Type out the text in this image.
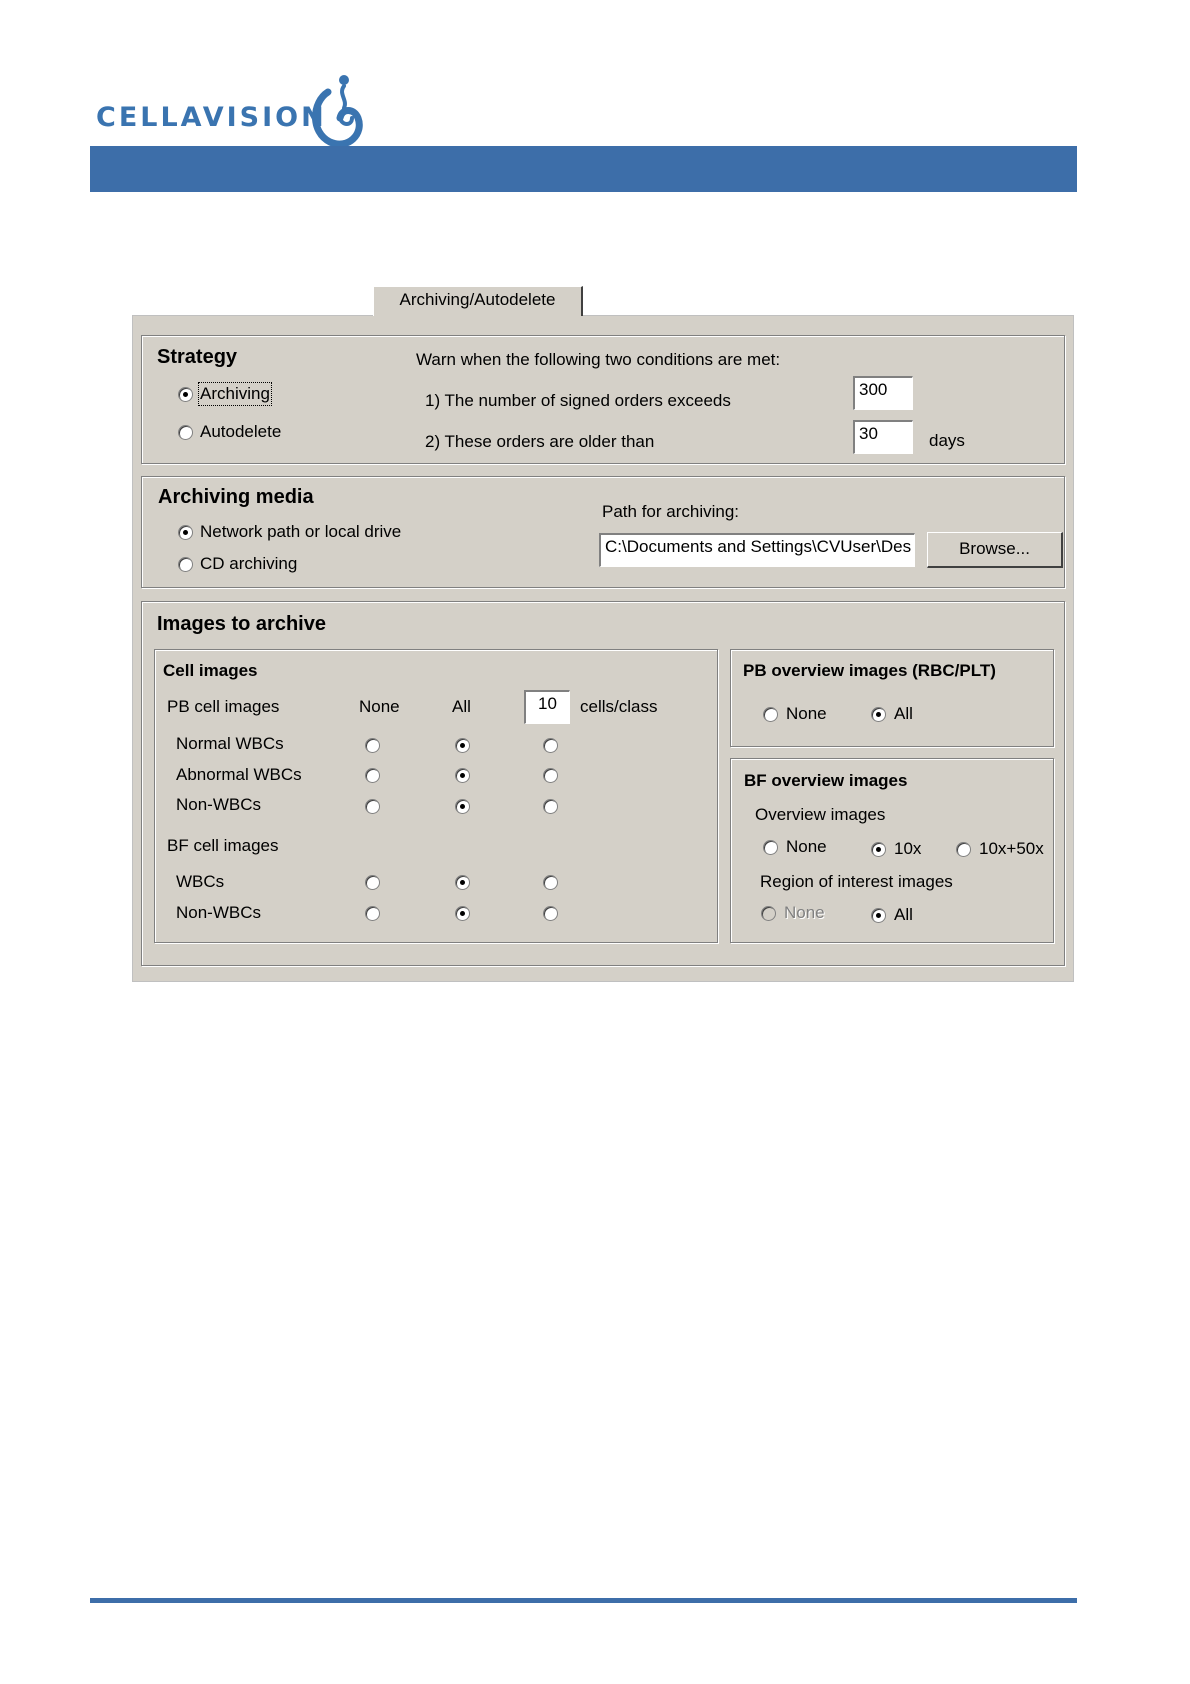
CELLAVISION
Archiving/Autodelete
Strategy
Archiving
Autodelete
Warn when the following two conditions are met:
1) The number of signed orders exceeds
300
2) These orders are older than	30	days
Archiving media
Network path or local drive
CD archiving
Path for archiving:
C:\Documents and Settings\CVUser\Des	Browse...
Images to archive
Cell images
PB cell images	None	All	10	cells/class
Normal WBCs
Abnormal WBCs
Non-WBCs
BF cell images
WBCs
Non-WBCs
PB overview images (RBC/PLT)
None	All
BF overview images
Overview images
None	10x	10x+50x
Region of interest images
None	All
